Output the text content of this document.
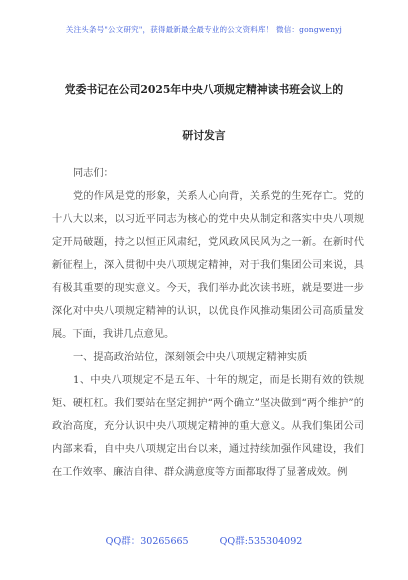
关注头条号"公文研究"，获得最新最全最专业的公文资料库！ 微信：gongwenyj
党委书记在公司2025年中央八项规定精神读书班会议上的
研讨发言

同志们：

党的作风是党的形象，关系人心向背，关系党的生死存亡。党的十八大以来，以习近平同志为核心的党中央从制定和落实中央八项规定开局破题，持之以恒正风肃纪，党风政风民风为之一新。在新时代新征程上，深入贯彻中央八项规定精神，对于我们集团公司来说，具有极其重要的现实意义。今天，我们举办此次读书班，就是要进一步深化对中央八项规定精神的认识，以优良作风推动集团公司高质量发展。下面，我讲几点意见。

一、提高政治站位，深刻领会中央八项规定精神实质

1、中央八项规定不是五年、十年的规定，而是长期有效的铁规矩、硬杠杠。我们要站在坚定拥护“两个确立”坚决做到“两个维护”的政治高度，充分认识中央八项规定精神的重大意义。从我们集团公司内部来看，自中央八项规定出台以来，通过持续加强作风建设，我们在工作效率、廉洁自律、群众满意度等方面都取得了显著成效。例

QQ群：30265665	QQ群:535304092
